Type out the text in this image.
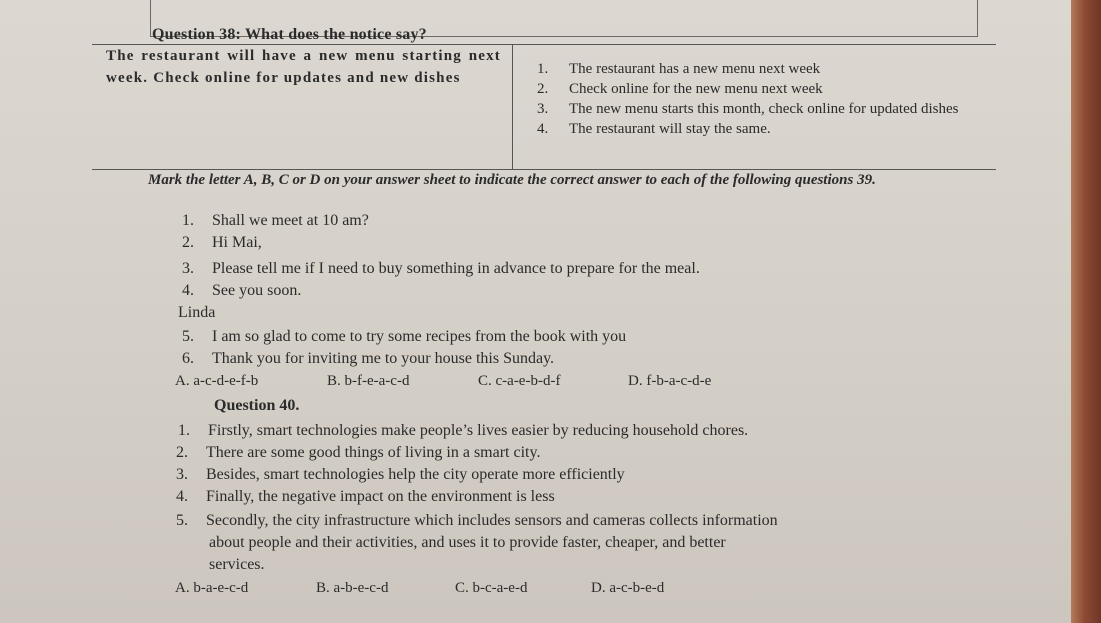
Question 38: What does the notice say?
The restaurant will have a new menu starting next week. Check online for updates and new dishes
1.	The restaurant has a new menu next week
2.	Check online for the new menu next week
3.	The new menu starts this month, check online for updated dishes
4.	The restaurant will stay the same.
Mark the letter A, B, C or D on your answer sheet to indicate the correct answer to each of the following questions 39.
1. Shall we meet at 10 am?
2. Hi Mai,
3. Please tell me if I need to buy something in advance to prepare for the meal.
4. See you soon.
Linda
5. I am so glad to come to try some recipes from the book with you
6. Thank you for inviting me to your house this Sunday.
A. a-c-d-e-f-b	B. b-f-e-a-c-d	C. c-a-e-b-d-f	D. f-b-a-c-d-e
Question 40.
1. Firstly, smart technologies make people’s lives easier by reducing household chores.
2. There are some good things of living in a smart city.
3. Besides, smart technologies help the city operate more efficiently
4. Finally, the negative impact on the environment is less
5. Secondly, the city infrastructure which includes sensors and cameras collects information
about people and their activities, and uses it to provide faster, cheaper, and better
services.
A. b-a-e-c-d	B. a-b-e-c-d	C. b-c-a-e-d	D. a-c-b-e-d
